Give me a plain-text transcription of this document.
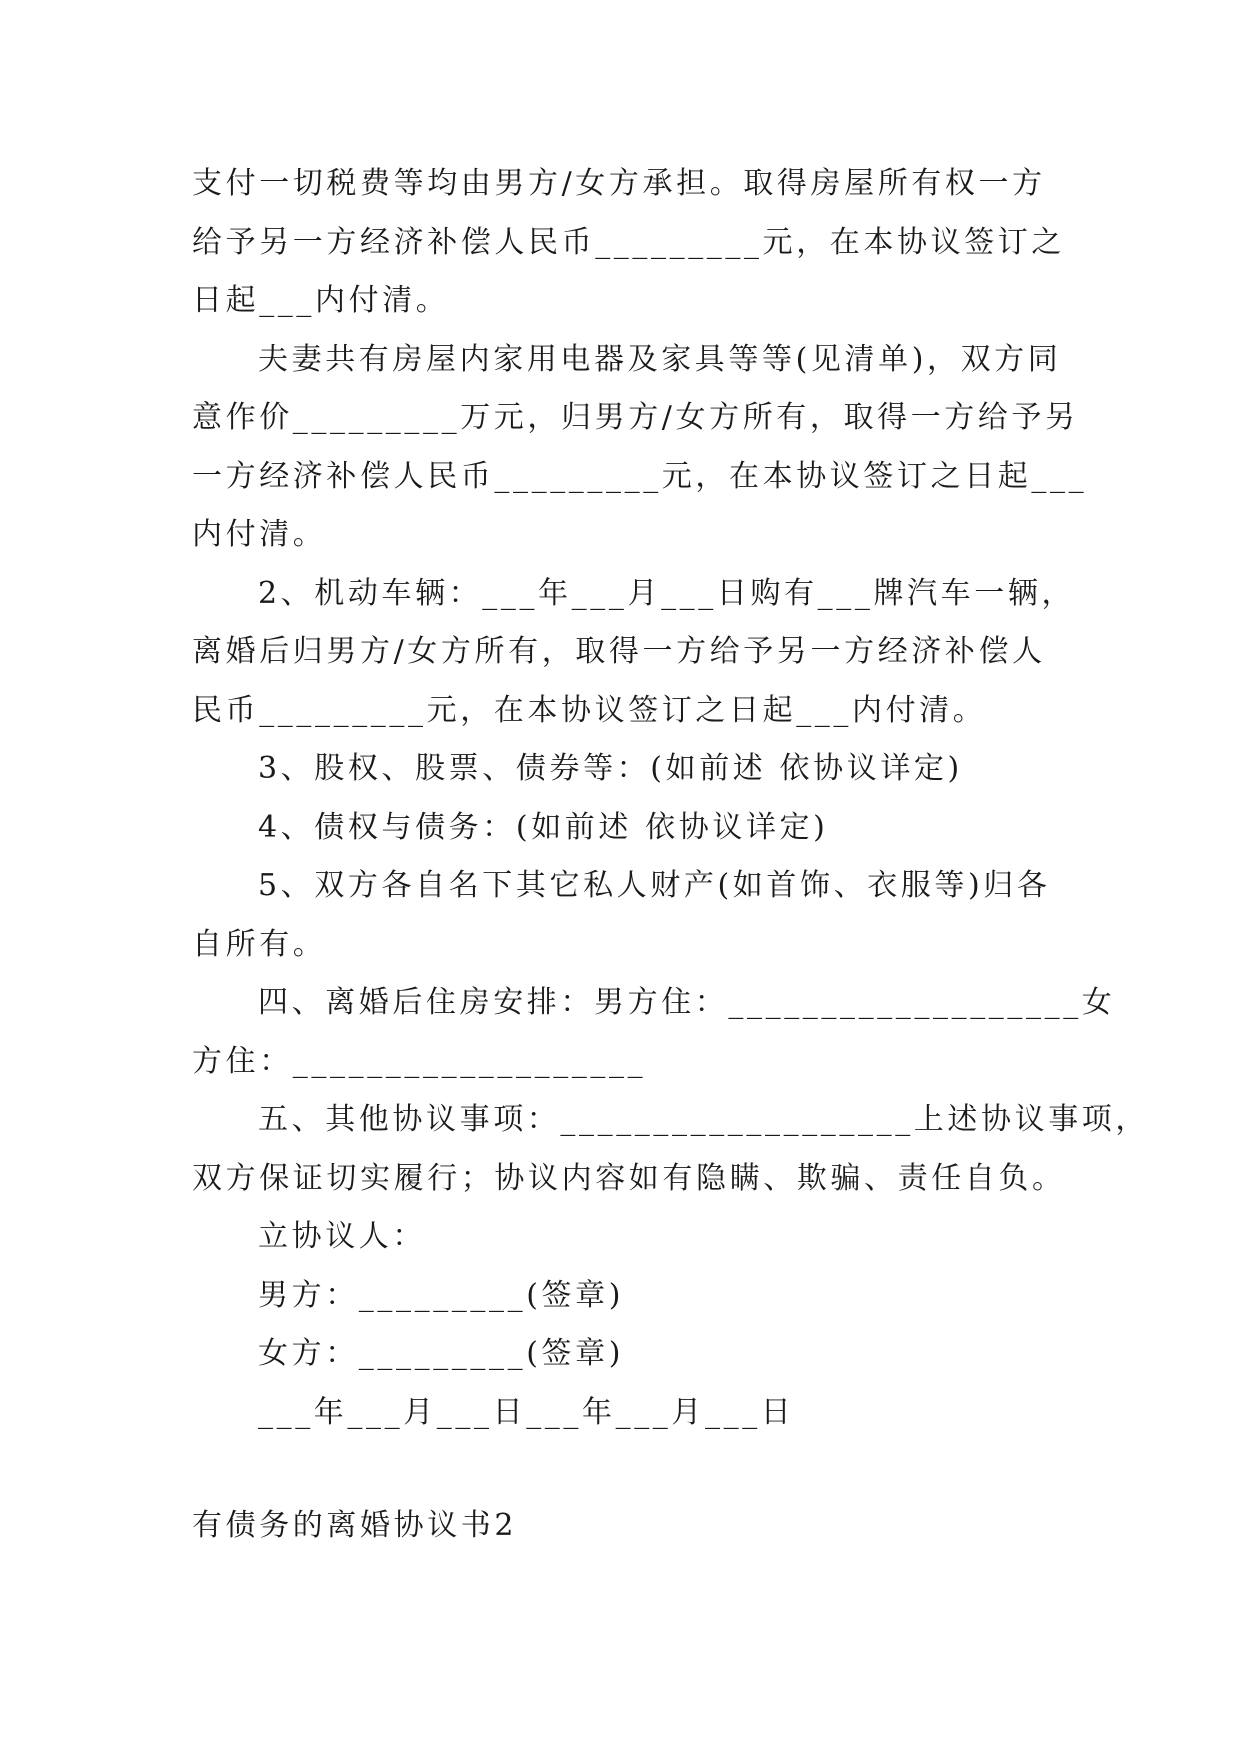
支付一切税费等均由男方/女方承担。取得房屋所有权一方
给予另一方经济补偿人民币_________元，在本协议签订之
日起___内付清。
夫妻共有房屋内家用电器及家具等等(见清单)，双方同
意作价_________万元，归男方/女方所有，取得一方给予另
一方经济补偿人民币_________元，在本协议签订之日起___
内付清。
2、机动车辆：___年___月___日购有___牌汽车一辆，
离婚后归男方/女方所有，取得一方给予另一方经济补偿人
民币_________元，在本协议签订之日起___内付清。
3、股权、股票、债券等：(如前述 依协议详定)
4、债权与债务：(如前述 依协议详定)
5、双方各自名下其它私人财产(如首饰、衣服等)归各
自所有。
四、离婚后住房安排：男方住：___________________女
方住：___________________
五、其他协议事项：___________________上述协议事项，
双方保证切实履行；协议内容如有隐瞒、欺骗、责任自负。
立协议人：
男方：_________(签章)
女方：_________(签章)
___年___月___日___年___月___日
有债务的离婚协议书2
